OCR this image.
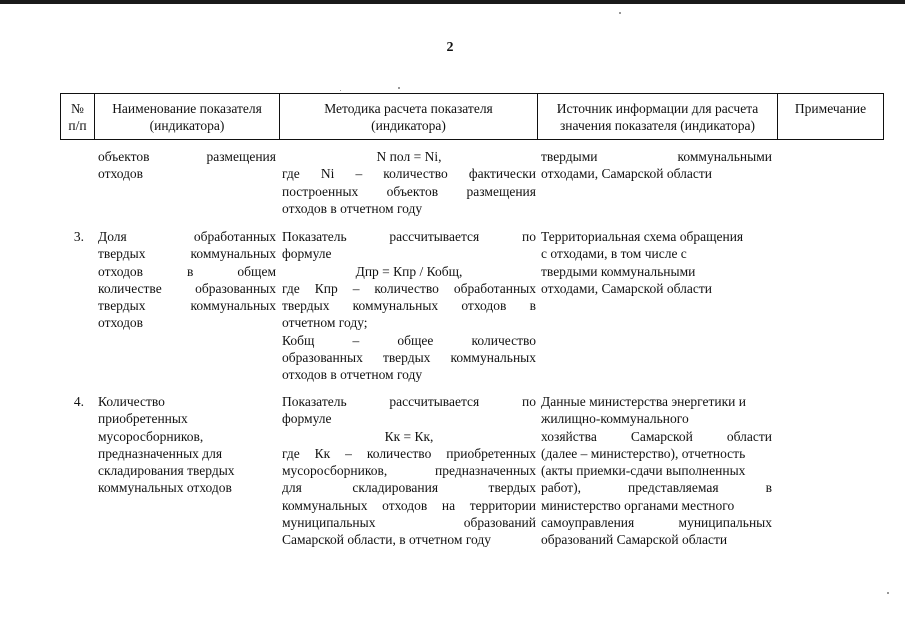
2
№
п/п
Наименование показателя
(индикатора)
Методика расчета показателя
(индикатора)
Источник информации для расчета
значения показателя (индикатора)
Примечание
объектов размещения
отходов
N пол = Ni,
где Ni – количество фактически
построенных объектов размещения
отходов в отчетном году
твердыми коммунальными
отходами, Самарской области
3. Доля обработанных
твердых коммунальных
отходов в общем
количестве образованных
твердых коммунальных
отходов
Показатель рассчитывается по
формуле
Дпр = Кпр / Кобщ,
где Кпр – количество обработанных
твердых коммунальных отходов в
отчетном году;
Кобщ – общее количество
образованных твердых коммунальных
отходов в отчетном году
Территориальная схема обращения
с отходами, в том числе с
твердыми коммунальными
отходами, Самарской области
4. Количество
приобретенных
мусоросборников,
предназначенных для
складирования твердых
коммунальных отходов
Показатель рассчитывается по
формуле
Кк = Кк,
где Кк – количество приобретенных
мусоросборников, предназначенных
для складирования твердых
коммунальных отходов на территории
муниципальных образований
Самарской области, в отчетном году
Данные министерства энергетики и
жилищно-коммунального
хозяйства Самарской области
(далее – министерство), отчетность
(акты приемки-сдачи выполненных
работ), представляемая в
министерство органами местного
самоуправления муниципальных
образований Самарской области
